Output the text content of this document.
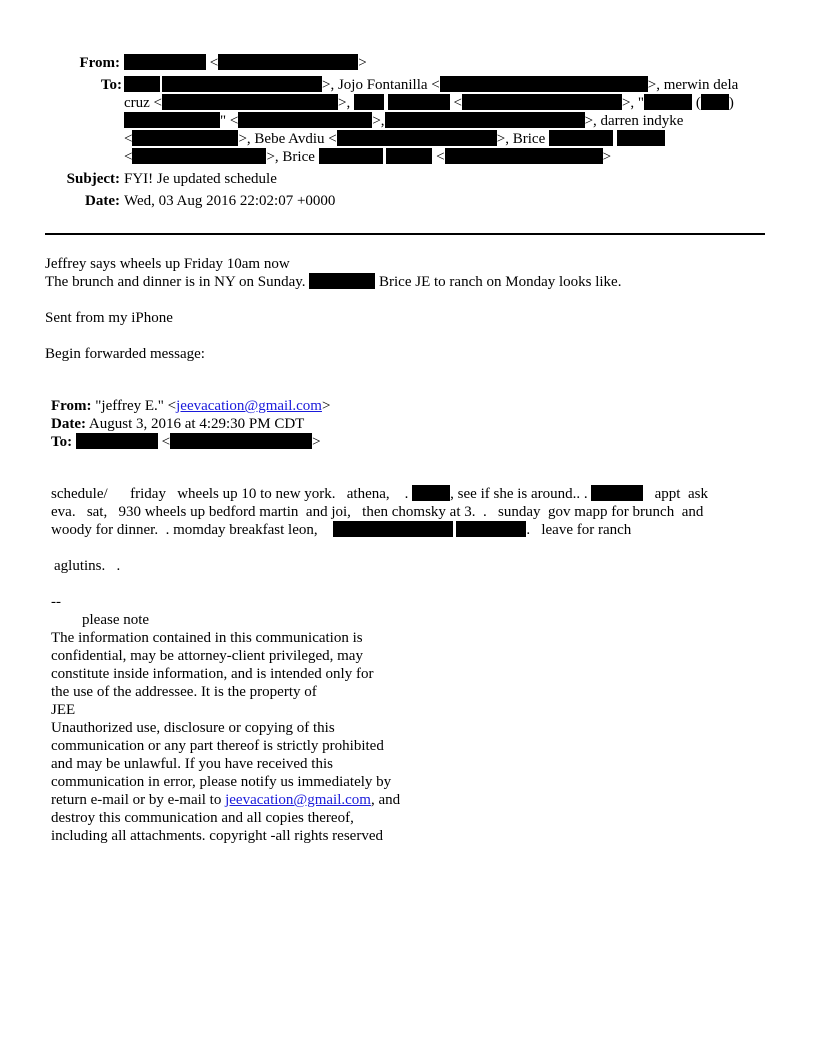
From:	<	>
To:	>, Jojo Fontanilla <	>, merwin dela
cruz <	>,	<	>, "	( )
" <	>,	>, darren indyke
<	>, Bebe Avdiu <	>, Brice
<	>, Brice	<	>
Subject: FYI! Je updated schedule
Date: Wed, 03 Aug 2016 22:02:07 +0000
Jeffrey says wheels up Friday 10am now
The brunch and dinner is in NY on Sunday.	Brice JE to ranch on Monday looks like.
Sent from my iPhone
Begin forwarded message:
From: "jeffrey E." <jeevacation@gmail.com>
Date: August 3, 2016 at 4:29:30 PM CDT
To:	<	>
schedule/      friday   wheels up 10 to new york.   athena,    .	, see if she is around.. .	appt  ask
eva.   sat,   930 wheels up bedford martin  and joi,   then chomsky at 3.  .   sunday  gov mapp for brunch  and
woody for dinner.  . momday breakfast leon,	.   leave for ranch
aglutins.   .
--
please note
The information contained in this communication is
confidential, may be attorney-client privileged, may
constitute inside information, and is intended only for
the use of the addressee. It is the property of
JEE
Unauthorized use, disclosure or copying of this
communication or any part thereof is strictly prohibited
and may be unlawful. If you have received this
communication in error, please notify us immediately by
return e-mail or by e-mail to jeevacation@gmail.com, and
destroy this communication and all copies thereof,
including all attachments. copyright -all rights reserved
